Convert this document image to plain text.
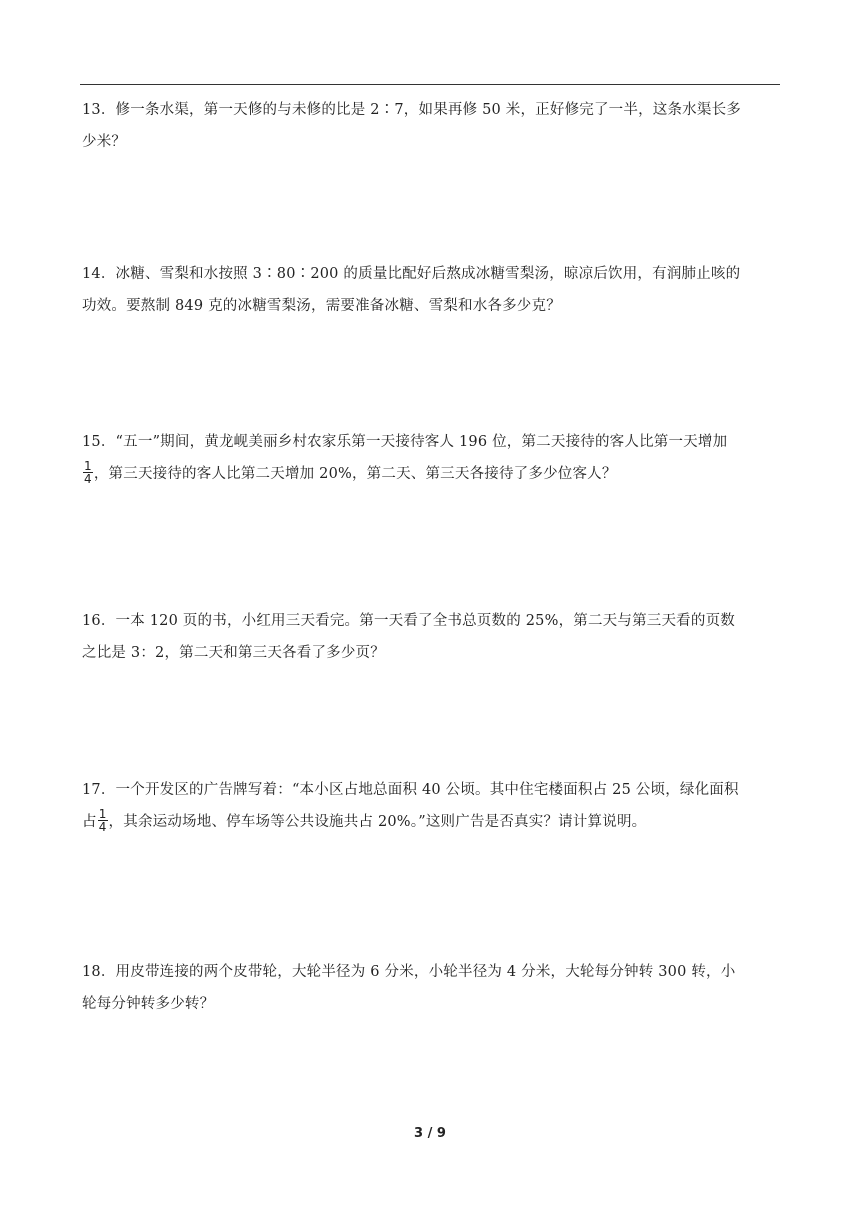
13．修一条水渠，第一天修的与未修的比是 2∶7，如果再修 50 米，正好修完了一半，这条水渠长多
少米？
14．冰糖、雪梨和水按照 3∶80∶200 的质量比配好后熬成冰糖雪梨汤，晾凉后饮用，有润肺止咳的
功效。要熬制 849 克的冰糖雪梨汤，需要准备冰糖、雪梨和水各多少克？
15．“五一”期间，黄龙岘美丽乡村农家乐第一天接待客人 196 位，第二天接待的客人比第一天增加
$\frac{1}{4}$ ，第三天接待的客人比第二天增加 20%，第二天、第三天各接待了多少位客人？
16．一本 120 页的书，小红用三天看完。第一天看了全书总页数的 25%，第二天与第三天看的页数
之比是 3：2，第二天和第三天各看了多少页？
17．一个开发区的广告牌写着：“本小区占地总面积 40 公顷。其中住宅楼面积占 25 公顷，绿化面积
占 $\frac{1}{4}$ ，其余运动场地、停车场等公共设施共占 20%。”这则广告是否真实？请计算说明。
18．用皮带连接的两个皮带轮，大轮半径为 6 分米，小轮半径为 4 分米，大轮每分钟转 300 转，小
轮每分钟转多少转？
3 / 9
